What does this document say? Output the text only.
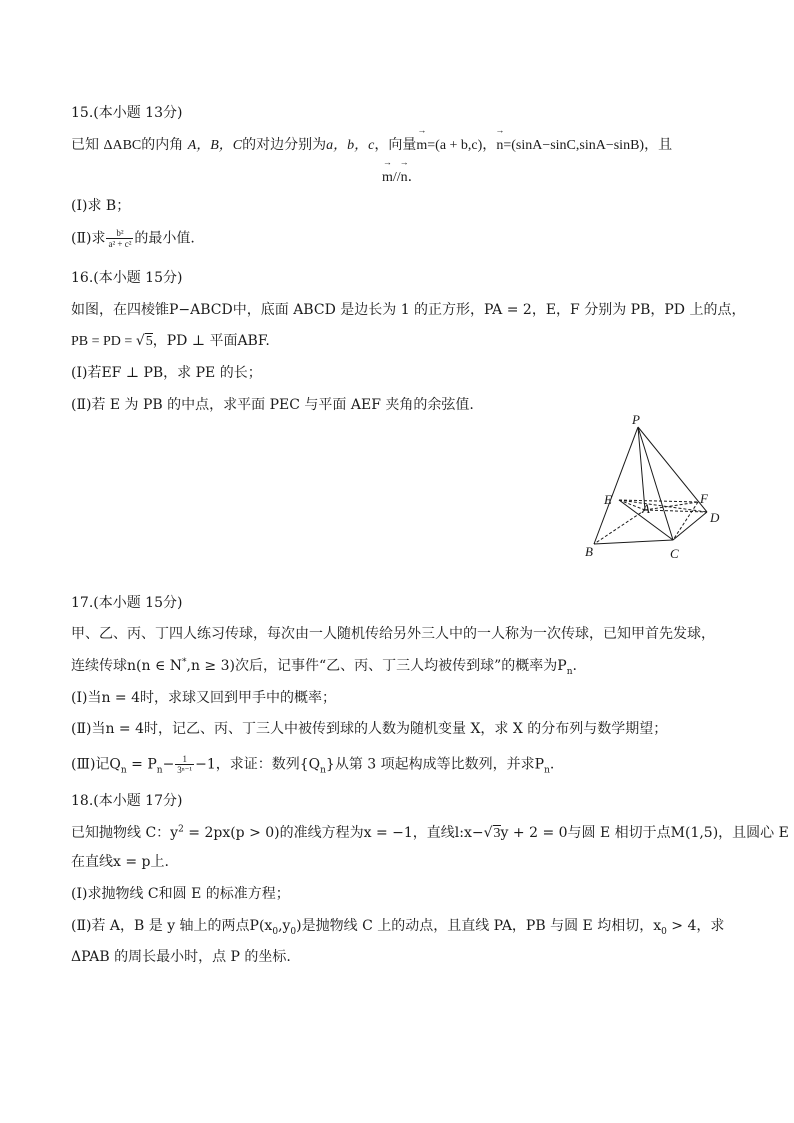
15.(本小题 13分)
已知 ΔABC的内角 A，B，C的对边分别为a，b，c，向量→ m=(a + b,c)，→ n=(sinA−sinC,sinA−sinB)，且
→ m//→ n.
(Ⅰ)求 B；
(Ⅱ)求 $\frac{\text{b²}}{\text{a² + c²}}$ 的最小值.
16.(本小题 15分)
如图，在四棱锥P−ABCD中，底面 ABCD 是边长为 1 的正方形，PA = 2，E，F 分别为 PB，PD 上的点，
PB = PD = √5，PD ⊥ 平面ABF.
(Ⅰ)若EF ⊥ PB，求 PE 的长；
(Ⅱ)若 E 为 PB 的中点，求平面 PEC 与平面 AEF 夹角的余弦值.
P
E	F
A
D
B	C
17.(本小题 15分)
甲、乙、丙、丁四人练习传球，每次由一人随机传给另外三人中的一人称为一次传球，已知甲首先发球，
连续传球n(n ∈ N*,n ≥ 3)次后，记事件“乙、丙、丁三人均被传到球”的概率为$P_n$.
(Ⅰ)当n = 4时，求球又回到甲手中的概率；
(Ⅱ)当n = 4时，记乙、丙、丁三人中被传到球的人数为随机变量 X，求 X 的分布列与数学期望；
(Ⅲ)记$Q_n = P_n- \frac{1}{\text{3ⁿ⁻¹}} -1$，求证：数列$\{Q_n\}$从第 3 项起构成等比数列，并求$P_n$.
18.(本小题 17分)
已知抛物线 C：$y^2 = 2px(p > 0)$的准线方程为x = −1，直线l:x−√3y + 2 = 0与圆 E 相切于点M(1,5)，且圆心 E
在直线x = p上.
(Ⅰ)求抛物线 C和圆 E 的标准方程；
(Ⅱ)若 A，B 是 y 轴上的两点$P(x_0,y_0)$是抛物线 C 上的动点，且直线 PA，PB 与圆 E 均相切，$x_0 > 4$，求
ΔPAB 的周长最小时，点 P 的坐标.
